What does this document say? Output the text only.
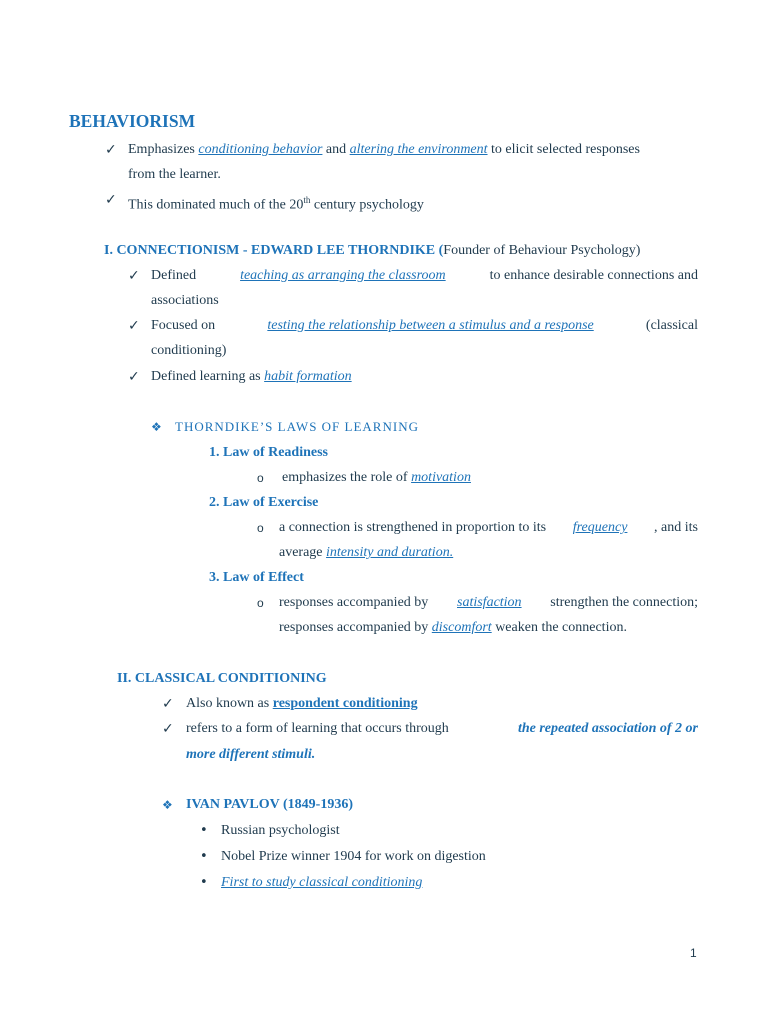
BEHAVIORISM
✓ Emphasizes conditioning behavior and altering the environment to elicit selected responses
from the learner.
✓ This dominated much of the 20th century psychology
I. CONNECTIONISM - EDWARD LEE THORNDIKE (Founder of Behaviour Psychology)
✓ Defined	teaching as arranging the classroom	to enhance desirable connections and
associations
✓ Focused on	testing the relationship between a stimulus and a response	(classical
conditioning)
✓ Defined learning as habit formation
❖ THORNDIKE’S LAWS OF LEARNING
1. Law of Readiness
o emphasizes the role of motivation
2. Law of Exercise
o a connection is strengthened in proportion to its frequency , and its
average intensity and duration.
3. Law of Effect
o responses accompanied by satisfaction strengthen the connection;
responses accompanied by discomfort weaken the connection.
II. CLASSICAL CONDITIONING
✓ Also known as respondent conditioning
✓ refers to a form of learning that occurs through	the repeated association of 2 or
more different stimuli.
❖ IVAN PAVLOV (1849-1936)
• Russian psychologist
• Nobel Prize winner 1904 for work on digestion
• First to study classical conditioning
1
